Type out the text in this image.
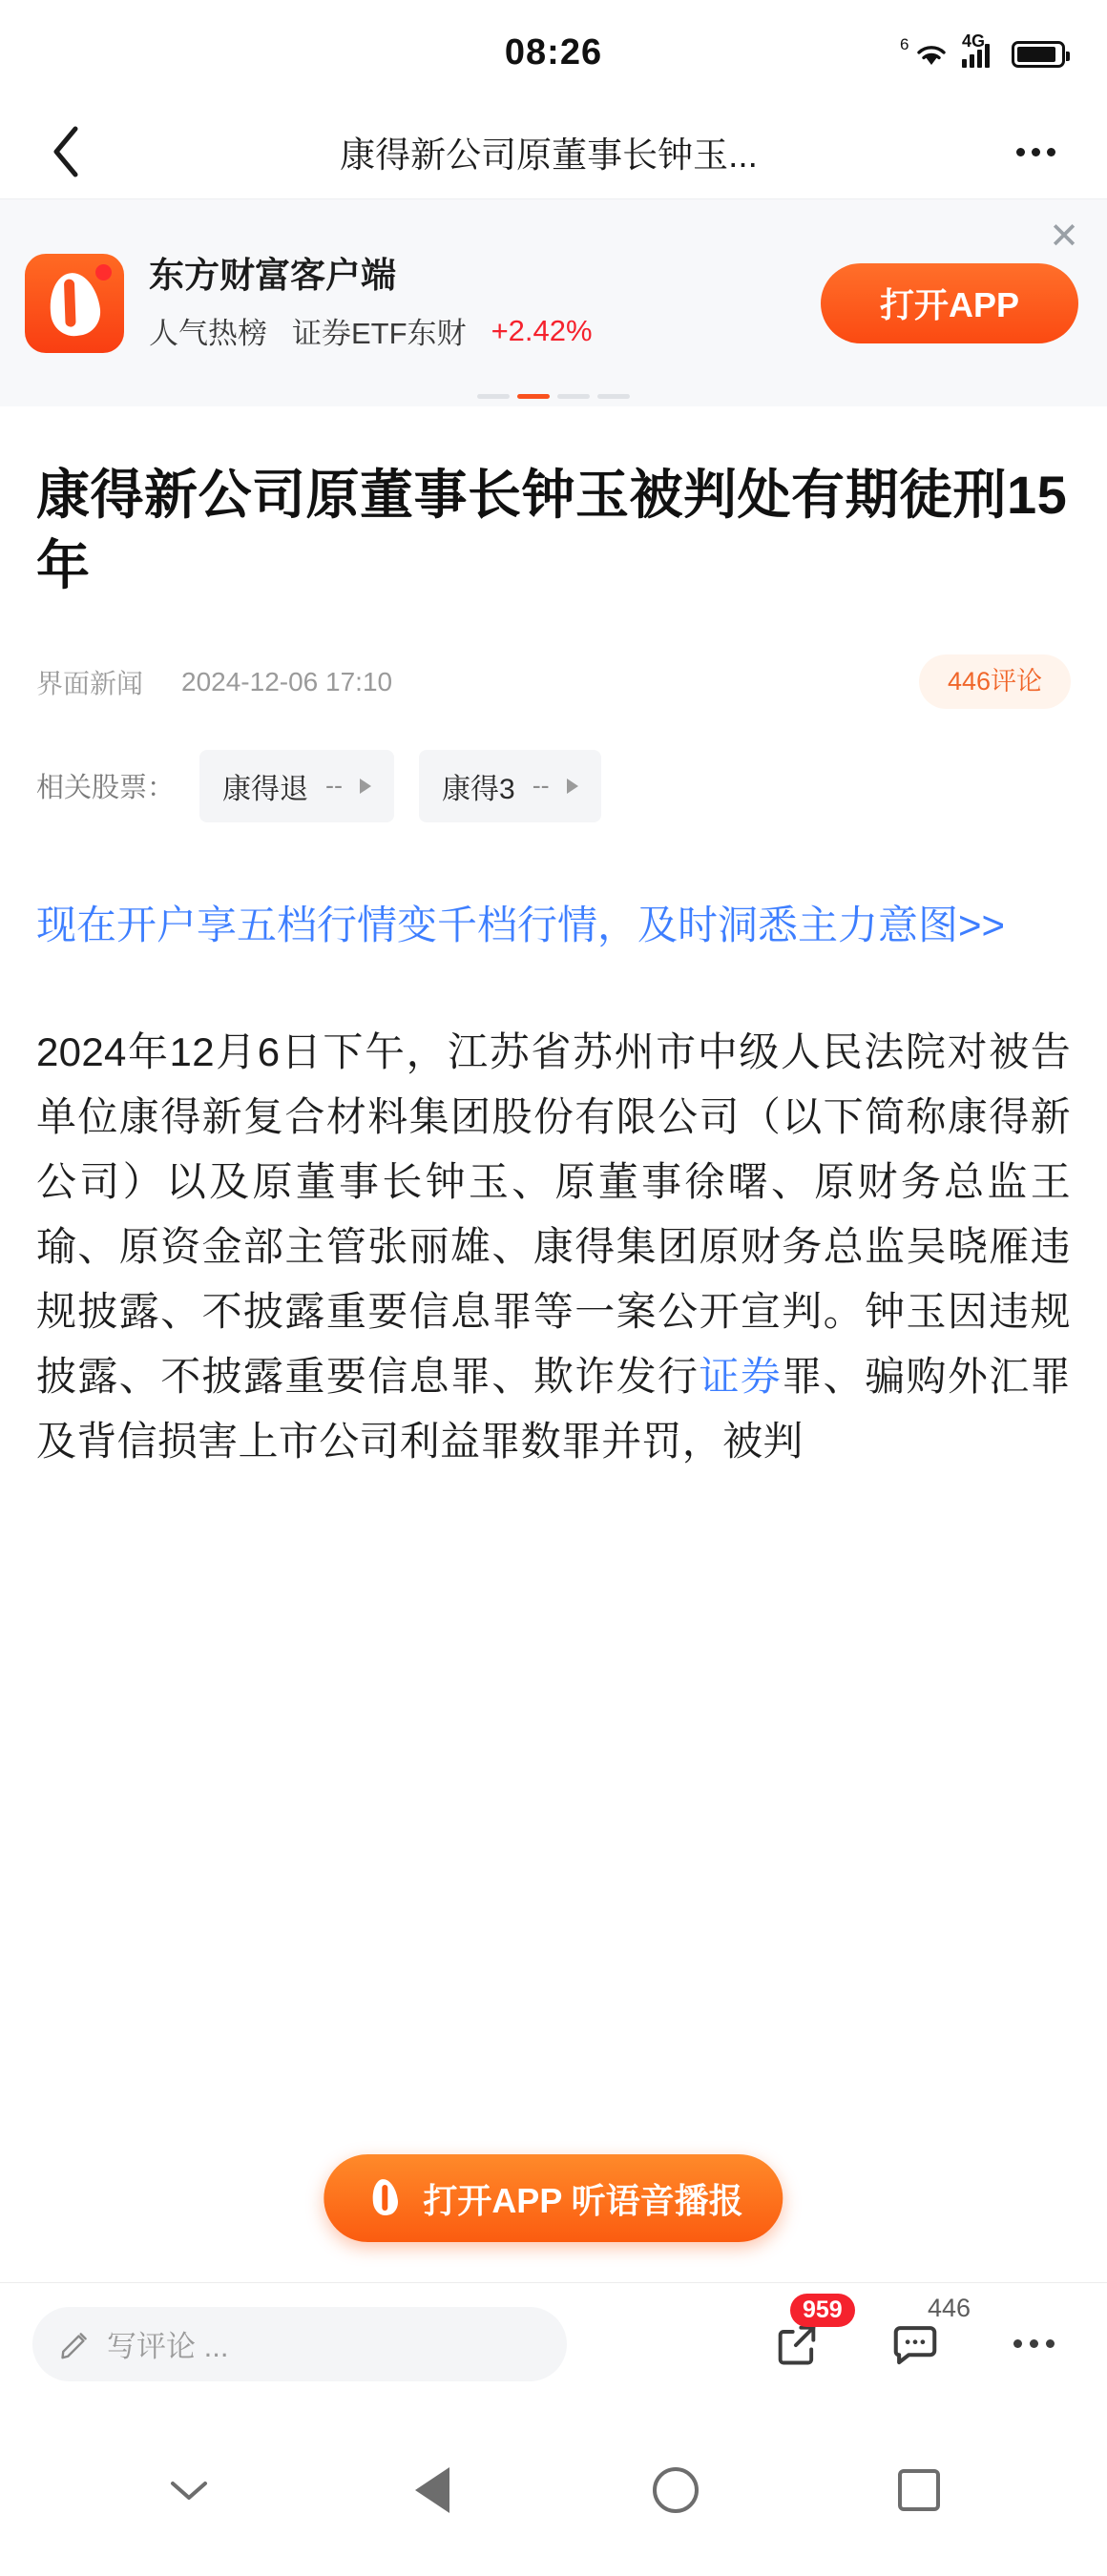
08:26	6	4G
康得新公司原董事长钟玉...
东方财富客户端
人气热榜 证券ETF东财 +2.42%
打开APP
✕
康得新公司原董事长钟玉被判处有期徒刑15年
界面新闻 2024-12-06 17:10	446评论
相关股票： 康得退 --	康得3 --
现在开户享五档行情变千档行情，及时洞悉主力意图>>
2024年12月6日下午，江苏省苏州市中级人民法院对被告单位康得新复合材料集团股份有限公司（以下简称康得新公司）以及原董事长钟玉、原董事徐曙、原财务总监王瑜、原资金部主管张丽雄、康得集团原财务总监吴晓雁违规披露、不披露重要信息罪等一案公开宣判。钟玉因违规披露、不披露重要信息罪、欺诈发行证券罪、骗购外汇罪及背信损害上市公司利益罪数罪并罚，被判
打开APP 听语音播报
写评论 ...
959	446
